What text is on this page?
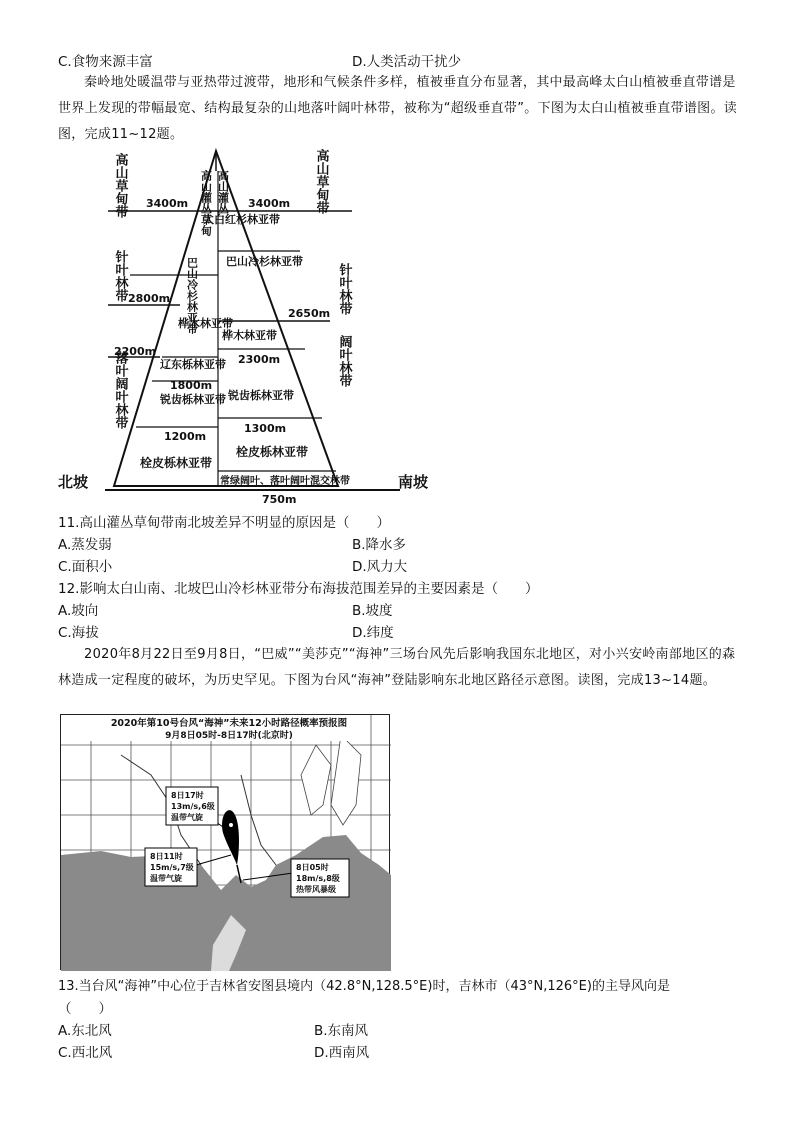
C.食物来源丰富	D.人类活动干扰少
秦岭地处暖温带与亚热带过渡带，地形和气候条件多样，植被垂直分布显著，其中最高峰太白山植被垂直带谱是世界上发现的带幅最宽、结构最复杂的山地落叶阔叶林带，被称为“超级垂直带”。下图为太白山植被垂直带谱图。读图，完成11~12题。
高山草甸带
针叶林带
落叶阔叶林带
高山草甸带
针叶林带
阔叶林带
3400m
2800m
2200m
1800m
1200m
3400m
2650m
2300m
1300m
750m
高山灌丛草甸 高山灌丛
太白红杉林亚带
巴山冷杉林亚带
桦木林亚带
辽东栎林亚带
锐齿栎林亚带
栓皮栎林亚带
巴山冷杉林亚带
桦木林亚带
锐齿栎林亚带
栓皮栎林亚带
常绿阔叶、落叶阔叶混交林带
北坡	南坡
11.高山灌丛草甸带南北坡差异不明显的原因是（　　）
A.蒸发弱	B.降水多
C.面积小	D.风力大
12.影响太白山南、北坡巴山冷杉林亚带分布海拔范围差异的主要因素是（　　）
A.坡向	B.坡度
C.海拔	D.纬度
2020年8月22日至9月8日，“巴威”“美莎克”“海神”三场台风先后影响我国东北地区，对小兴安岭南部地区的森林造成一定程度的破坏，为历史罕见。下图为台风“海神”登陆影响东北地区路径示意图。读图，完成13~14题。
2020年第10号台风“海神”未来12小时路径概率预报图
9月8日05时-8日17时(北京时)
8日17时
13m/s,6级
温带气旋
8日11时
15m/s,7级
温带气旋
8日05时
18m/s,8级
热带风暴级
13.当台风“海神”中心位于吉林省安图县境内（42.8°N,128.5°E)时，吉林市（43°N,126°E)的主导风向是
（　　）
A.东北风	B.东南风
C.西北风	D.西南风
